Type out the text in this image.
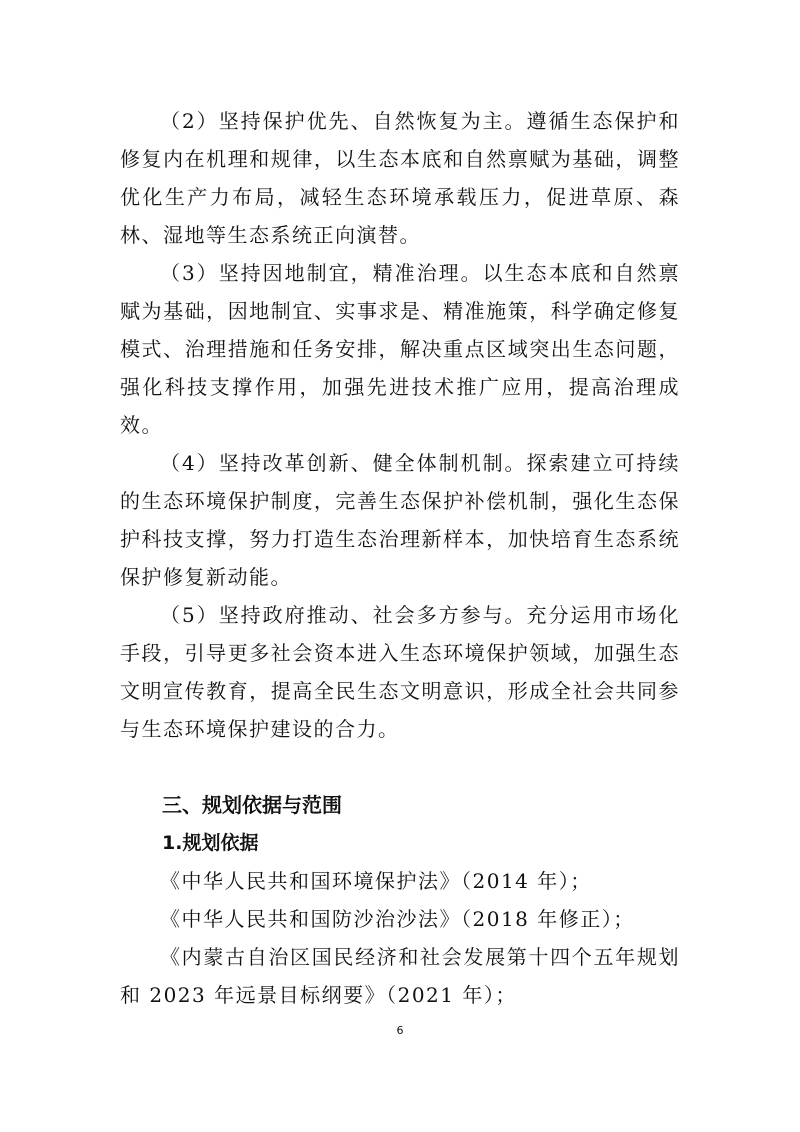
（2）坚持保护优先、自然恢复为主。遵循生态保护和修复内在机理和规律，以生态本底和自然禀赋为基础，调整优化生产力布局，减轻生态环境承载压力，促进草原、森林、湿地等生态系统正向演替。

（3）坚持因地制宜，精准治理。以生态本底和自然禀赋为基础，因地制宜、实事求是、精准施策，科学确定修复模式、治理措施和任务安排，解决重点区域突出生态问题，强化科技支撑作用，加强先进技术推广应用，提高治理成效。

（4）坚持改革创新、健全体制机制。探索建立可持续的生态环境保护制度，完善生态保护补偿机制，强化生态保护科技支撑，努力打造生态治理新样本，加快培育生态系统保护修复新动能。

（5）坚持政府推动、社会多方参与。充分运用市场化手段，引导更多社会资本进入生态环境保护领域，加强生态文明宣传教育，提高全民生态文明意识，形成全社会共同参与生态环境保护建设的合力。

三、规划依据与范围
1.规划依据

《中华人民共和国环境保护法》（2014 年）；

《中华人民共和国防沙治沙法》（2018 年修正）；

《内蒙古自治区国民经济和社会发展第十四个五年规划和 2023 年远景目标纲要》（2021 年）；

6
